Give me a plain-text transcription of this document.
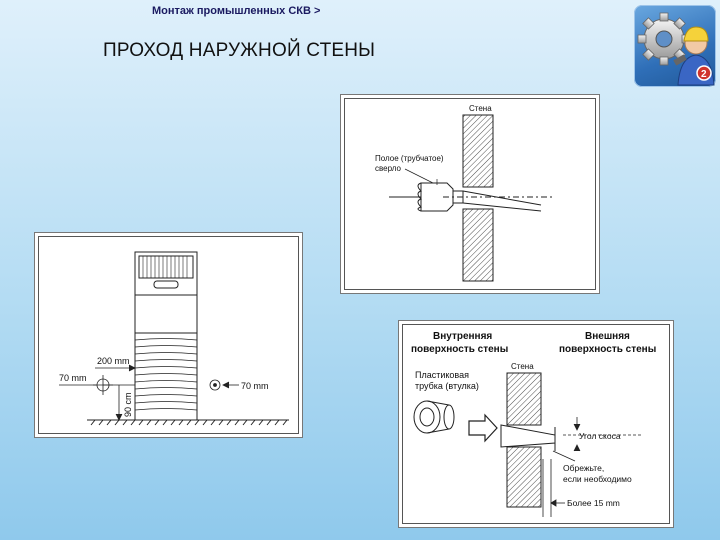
Монтаж промышленных СКВ >
ПРОХОД НАРУЖНОЙ СТЕНЫ
2
200 mm
70 mm
70 mm
90 cm
Стена
Полое (трубчатое)
сверло
Внутренняя
поверхность стены
Внешняя
поверхность стены
Стена
Пластиковая
трубка (втулка)
Угол скоса
Обрежьте,
если необходимо
Более 15 mm
